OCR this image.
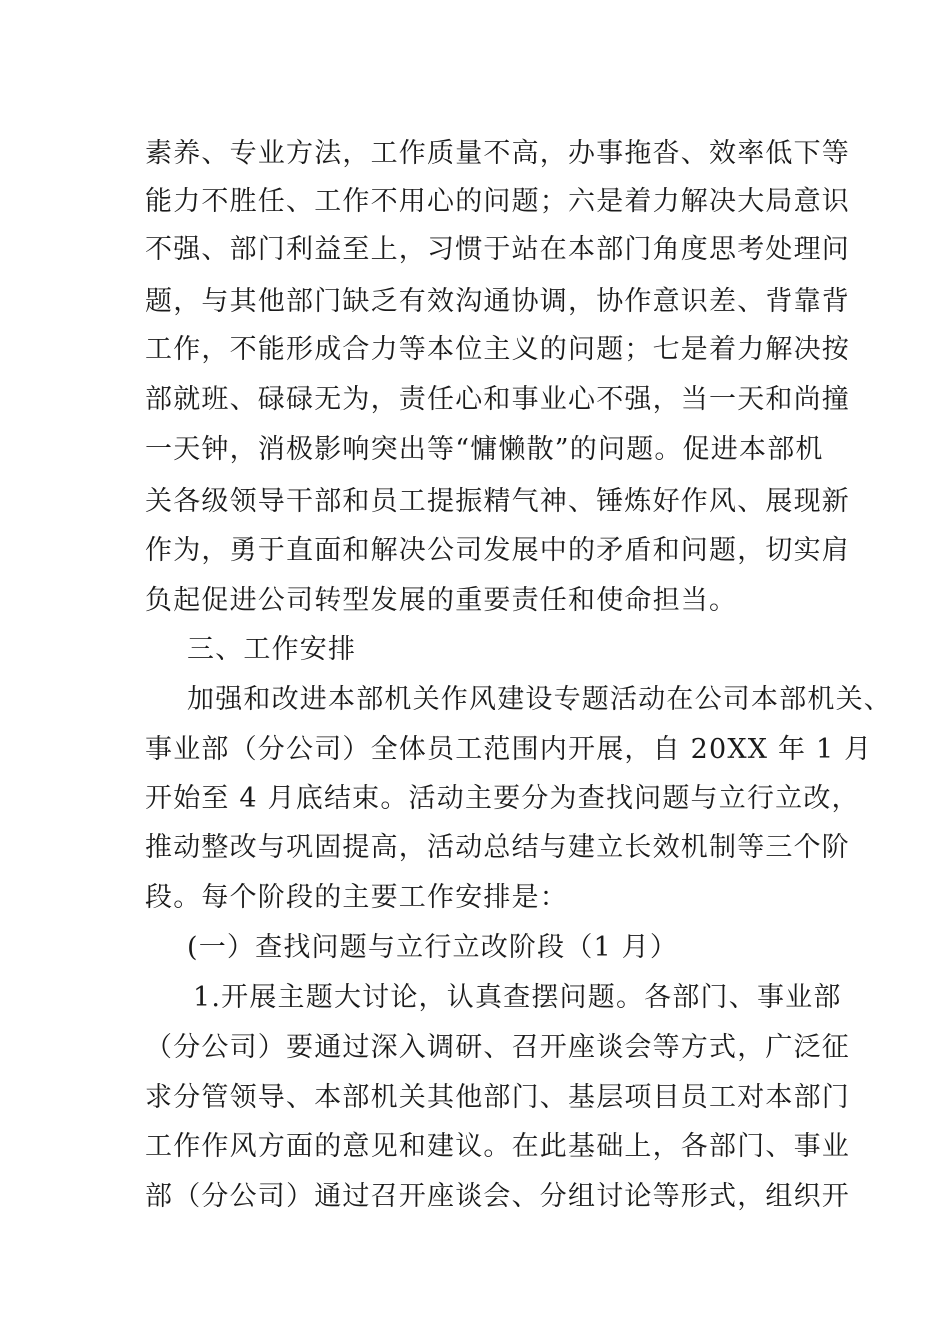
素养、专业方法，工作质量不高，办事拖沓、效率低下等
能力不胜任、工作不用心的问题；六是着力解决大局意识
不强、部门利益至上，习惯于站在本部门角度思考处理问
题，与其他部门缺乏有效沟通协调，协作意识差、背靠背
工作，不能形成合力等本位主义的问题；七是着力解决按
部就班、碌碌无为，责任心和事业心不强，当一天和尚撞
一天钟，消极影响突出等“慵懒散”的问题。促进本部机
关各级领导干部和员工提振精气神、锤炼好作风、展现新
作为，勇于直面和解决公司发展中的矛盾和问题，切实肩
负起促进公司转型发展的重要责任和使命担当。
三、工作安排
加强和改进本部机关作风建设专题活动在公司本部机关、
事业部（分公司）全体员工范围内开展，自 20XX 年 1 月
开始至 4 月底结束。活动主要分为查找问题与立行立改，
推动整改与巩固提高，活动总结与建立长效机制等三个阶
段。每个阶段的主要工作安排是：
(一）查找问题与立行立改阶段（1 月）
1.开展主题大讨论，认真查摆问题。各部门、事业部
（分公司）要通过深入调研、召开座谈会等方式，广泛征
求分管领导、本部机关其他部门、基层项目员工对本部门
工作作风方面的意见和建议。在此基础上，各部门、事业
部（分公司）通过召开座谈会、分组讨论等形式，组织开
